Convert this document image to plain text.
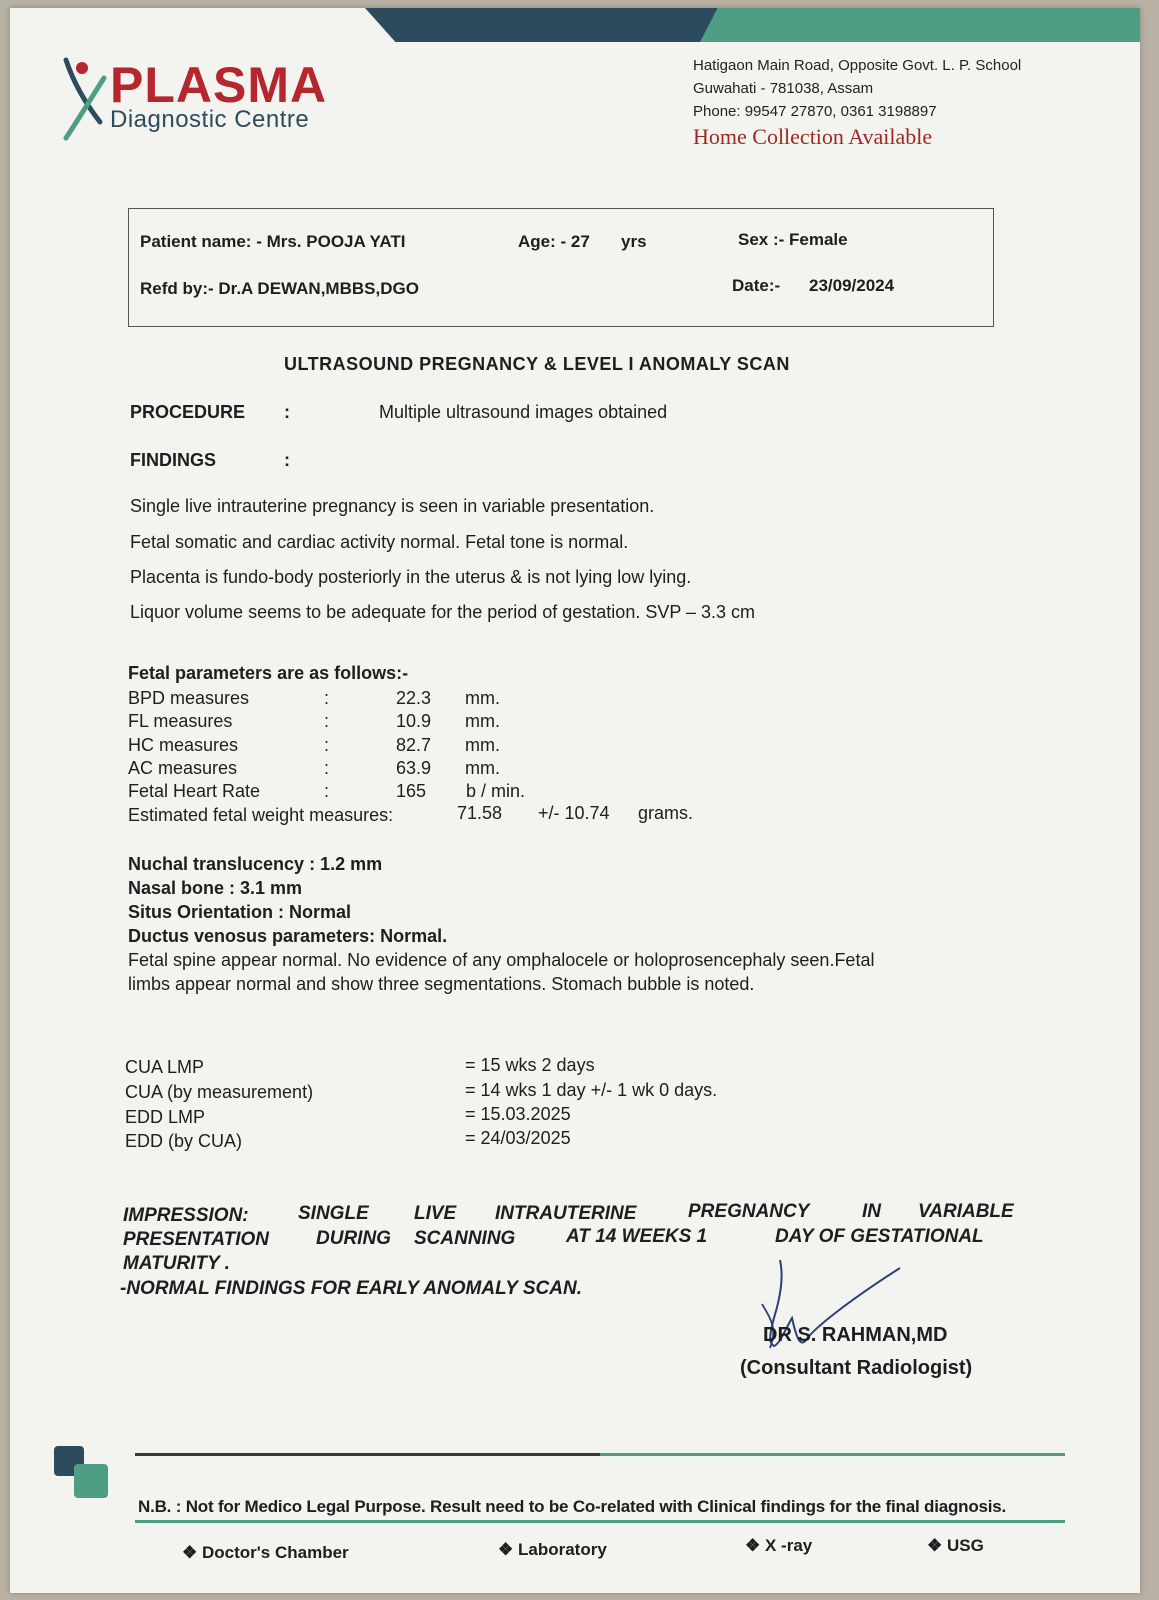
PLASMA
Diagnostic Centre
Hatigaon Main Road, Opposite Govt. L. P. School
Guwahati - 781038, Assam
Phone: 99547 27870, 0361 3198897
Home Collection Available
Patient name: - Mrs. POOJA YATI	Age: - 27 yrs	Sex :- Female
Refd by:- Dr.A DEWAN,MBBS,DGO	Date:- 23/09/2024
ULTRASOUND PREGNANCY & LEVEL I ANOMALY SCAN
PROCEDURE :	Multiple ultrasound images obtained
FINDINGS	:
Single live intrauterine pregnancy is seen in variable presentation.
Fetal somatic and cardiac activity normal. Fetal tone is normal.
Placenta is fundo-body posteriorly in the uterus & is not lying low lying.
Liquor volume seems to be adequate for the period of gestation. SVP – 3.3 cm
Fetal parameters are as follows:-
BPD measures	:	22.3 mm.
FL measures	:	10.9 mm.
HC measures	:	82.7 mm.
AC measures	:	63.9 mm.
Fetal Heart Rate	:	165 b / min.
Estimated fetal weight measures:	71.58 +/- 10.74 grams.
Nuchal translucency : 1.2 mm
Nasal bone : 3.1 mm
Situs Orientation : Normal
Ductus venosus parameters: Normal.
Fetal spine appear normal. No evidence of any omphalocele or holoprosencephaly seen.Fetal
limbs appear normal and show three segmentations. Stomach bubble is noted.
CUA LMP	= 15 wks 2 days
CUA (by measurement)	= 14 wks 1 day +/- 1 wk 0 days.
EDD LMP	= 15.03.2025
EDD (by CUA)	= 24/03/2025
IMPRESSION:	SINGLE LIVE INTRAUTERINE	PREGNANCY	IN VARIABLE
PRESENTATION DURING SCANNING	AT 14 WEEKS 1	DAY OF GESTATIONAL
MATURITY .
-NORMAL FINDINGS FOR EARLY ANOMALY SCAN.
DR S. RAHMAN,MD
(Consultant Radiologist)
N.B. : Not for Medico Legal Purpose. Result need to be Co-related with Clinical findings for the final diagnosis.
❖ Doctor's Chamber	❖ Laboratory	❖ X -ray	❖ USG
